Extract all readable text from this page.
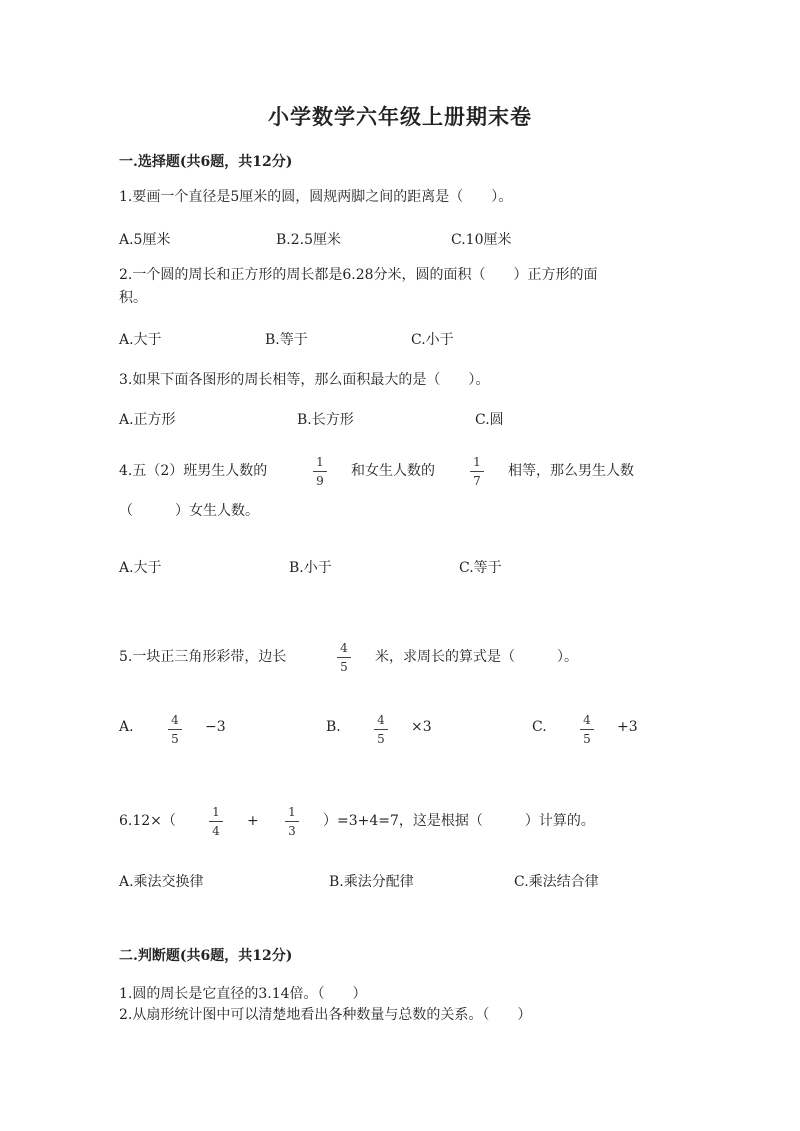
小学数学六年级上册期末卷
一.选择题(共6题，共12分)
1.要画一个直径是5厘米的圆，圆规两脚之间的距离是（　　）。
A.5厘米	B.2.5厘米	C.10厘米
2.一个圆的周长和正方形的周长都是6.28分米，圆的面积（　　）正方形的面
积。
A.大于	B.等于	C.小于
3.如果下面各图形的周长相等，那么面积最大的是（　　）。
A.正方形	B.长方形	C.圆
4.五（2）班男生人数的
1
9
和女生人数的
1
7
相等，那么男生人数
（　　　）女生人数。
A.大于	B.小于	C.等于
5.一块正三角形彩带，边长
4
5
米，求周长的算式是（　　　）。
A.	4
5
−3	B.	4
5
×3	C.	4
5
+3
6.12×（
1
4
+
1
3
）=3+4=7，这是根据（　　　）计算的。
A.乘法交换律	B.乘法分配律	C.乘法结合律
二.判断题(共6题，共12分)
1.圆的周长是它直径的3.14倍。（　　）
2.从扇形统计图中可以清楚地看出各种数量与总数的关系。（　　）
